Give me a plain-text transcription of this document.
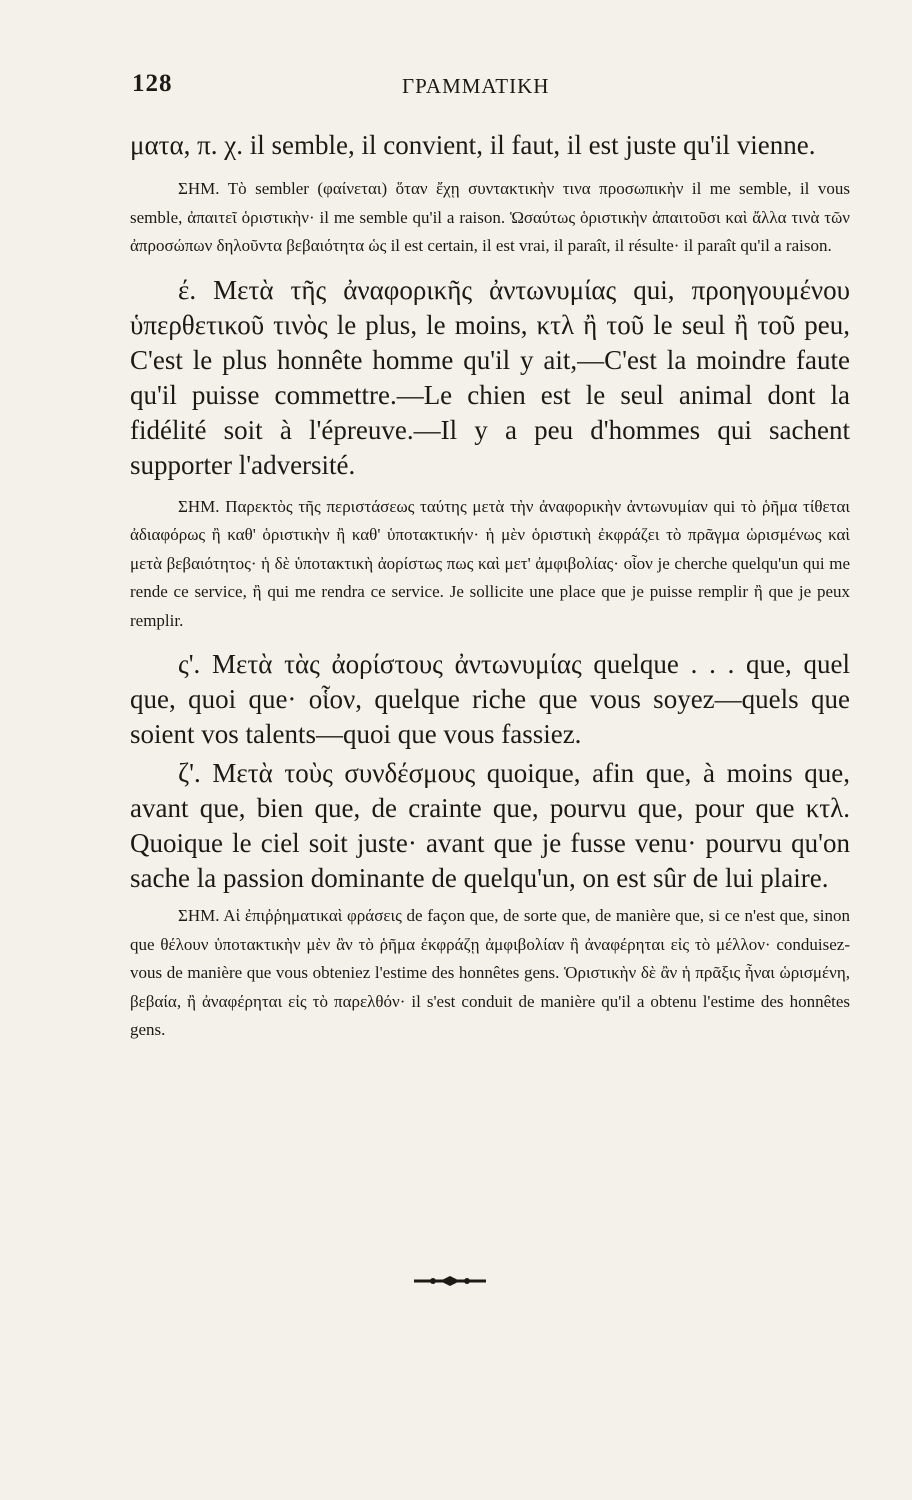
128	ΓΡΑΜΜΑΤΙΚΗ

ματα, π. χ. il semble, il convient, il faut, il est juste qu'il vienne.

ΣΗΜ. Τὸ sembler (φαίνεται) ὅταν ἔχῃ συντακτικὴν τινα προσωπικὴν il me semble, il vous semble, ἀπαιτεῖ ὁριστικὴν· il me semble qu'il a raison. Ὡσαύτως ὁριστικὴν ἀπαιτοῦσι καὶ ἄλλα τινὰ τῶν ἀπροσώπων δηλοῦντα βεβαιότητα ὡς il est certain, il est vrai, il paraît, il résulte· il paraît qu'il a raison.

έ. Μετὰ τῆς ἀναφορικῆς ἀντωνυμίας qui, προηγουμένου ὑπερθετικοῦ τινὸς le plus, le moins, κτλ ἢ τοῦ le seul ἢ τοῦ peu, C'est le plus honnête homme qu'il y ait,—C'est la moindre faute qu'il puisse commettre.—Le chien est le seul animal dont la fidélité soit à l'épreuve.—Il y a peu d'hommes qui sachent supporter l'adversité.

ΣΗΜ. Παρεκτὸς τῆς περιστάσεως ταύτης μετὰ τὴν ἀναφορικὴν ἀντωνυμίαν qui τὸ ῥῆμα τίθεται ἀδιαφόρως ἢ καθ' ὁριστικὴν ἢ καθ' ὑποτακτικήν· ἡ μὲν ὁριστικὴ ἐκφράζει τὸ πρᾶγμα ὡρισμένως καὶ μετὰ βεβαιότητος· ἡ δὲ ὑποτακτικὴ ἀορίστως πως καὶ μετ' ἀμφιβολίας· οἷον je cherche quelqu'un qui me rende ce service, ἢ qui me rendra ce service. Je sollicite une place que je puisse remplir ἢ que je peux remplir.

ς'. Μετὰ τὰς ἀορίστους ἀντωνυμίας quelque . . . que, quel que, quoi que· οἷον, quelque riche que vous soyez—quels que soient vos talents—quoi que vous fassiez.

ζ'. Μετὰ τοὺς συνδέσμους quoique, afin que, à moins que, avant que, bien que, de crainte que, pourvu que, pour que κτλ. Quoique le ciel soit juste· avant que je fusse venu· pourvu qu'on sache la passion dominante de quelqu'un, on est sûr de lui plaire.

ΣΗΜ. Αἱ ἐπιῤῥηματικαὶ φράσεις de façon que, de sorte que, de manière que, si ce n'est que, sinon que θέλουν ὑποτακτικὴν μὲν ἂν τὸ ῥῆμα ἐκφράζῃ ἀμφιβολίαν ἢ ἀναφέρηται εἰς τὸ μέλλον· conduisez-vous de manière que vous obteniez l'estime des honnêtes gens. Ὁριστικὴν δὲ ἂν ἡ πρᾶξις ἦναι ὡρισμένη, βεβαία, ἢ ἀναφέρηται εἰς τὸ παρελθόν· il s'est conduit de manière qu'il a obtenu l'estime des honnêtes gens.
